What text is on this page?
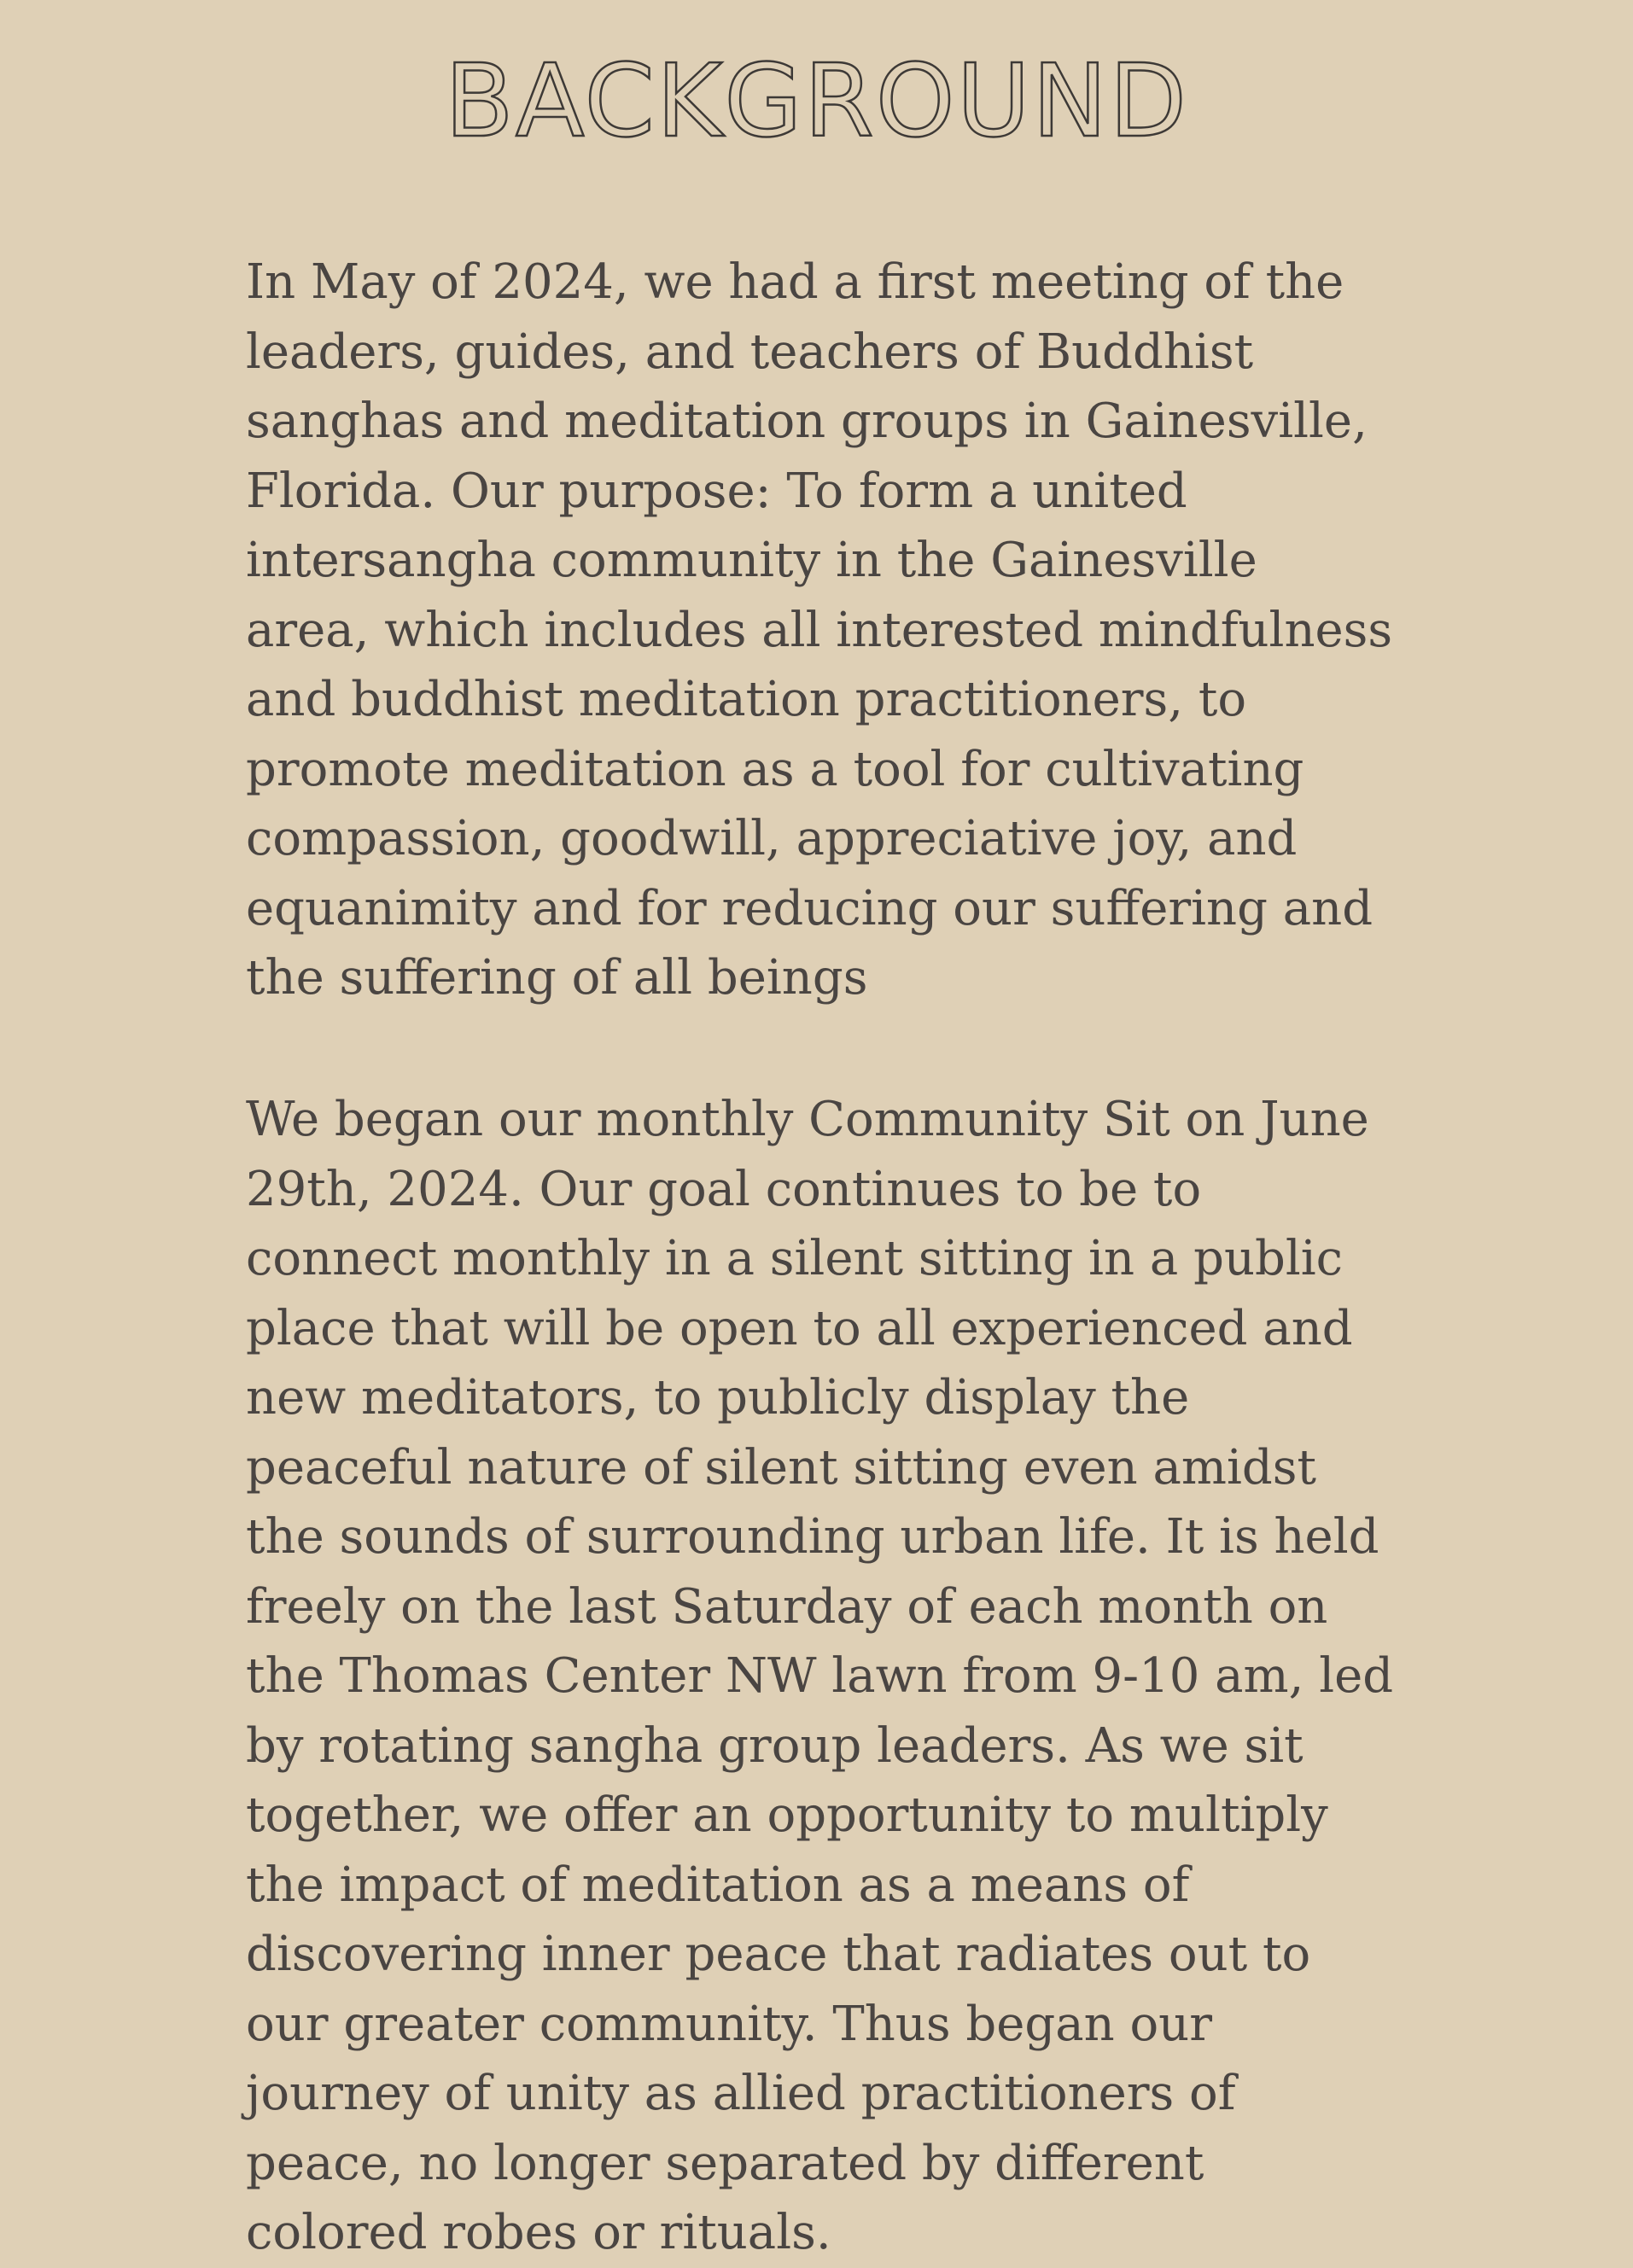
BACKGROUND

In May of 2024, we had a first meeting of the leaders, guides, and teachers of Buddhist sanghas and meditation groups in Gainesville, Florida. Our purpose: To form a united intersangha community in the Gainesville area, which includes all interested mindfulness and buddhist meditation practitioners, to promote meditation as a tool for cultivating compassion, goodwill, appreciative joy, and equanimity and for reducing our suffering and the suffering of all beings

We began our monthly Community Sit on June 29th, 2024. Our goal continues to be to connect monthly in a silent sitting in a public place that will be open to all experienced and new meditators, to publicly display the peaceful nature of silent sitting even amidst the sounds of surrounding urban life. It is held freely on the last Saturday of each month on the Thomas Center NW lawn from 9-10 am, led by rotating sangha group leaders. As we sit together, we offer an opportunity to multiply the impact of meditation as a means of discovering inner peace that radiates out to our greater community. Thus began our journey of unity as allied practitioners of peace, no longer separated by different colored robes or rituals.
